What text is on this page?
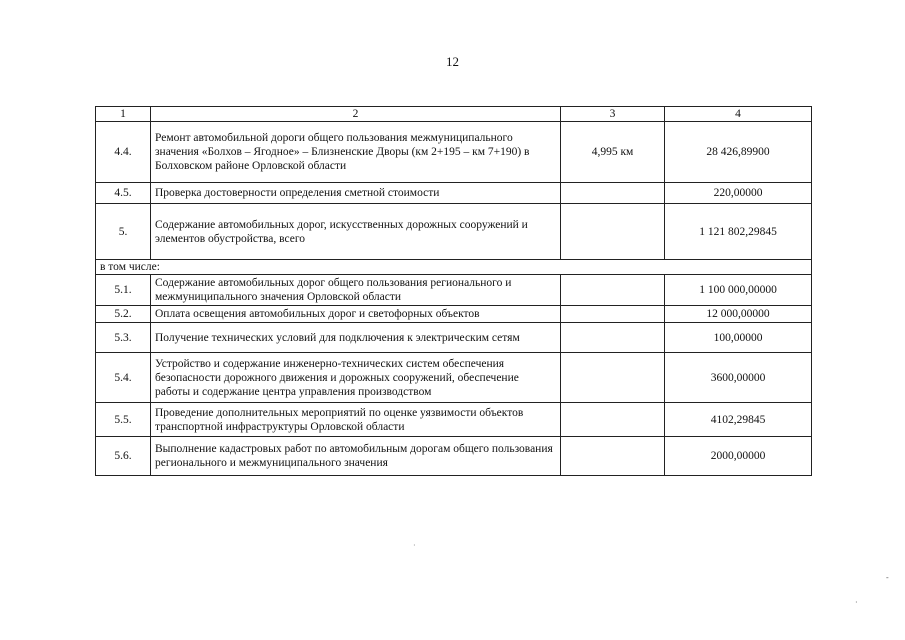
12
1	2	3	4
4.4.	Ремонт автомобильной дороги общего пользования межмуниципального значения «Болхов – Ягодное» – Близненские Дворы (км 2+195 – км 7+190) в Болховском районе Орловской области	4,995 км	28 426,89900
4.5.	Проверка достоверности определения сметной стоимости		220,00000
5.	Содержание автомобильных дорог, искусственных дорожных сооружений и элементов обустройства, всего		1 121 802,29845
в том числе:			
5.1.	Содержание автомобильных дорог общего пользования регионального и межмуниципального значения Орловской области		1 100 000,00000
5.2.	Оплата освещения автомобильных дорог и светофорных объектов		12 000,00000
5.3.	Получение технических условий для подключения к электрическим сетям		100,00000
5.4.	Устройство и содержание инженерно-технических систем обеспечения безопасности дорожного движения и дорожных сооружений, обеспечение работы и содержание центра управления производством		3600,00000
5.5.	Проведение дополнительных мероприятий по оценке уязвимости объектов транспортной инфраструктуры Орловской области		4102,29845
5.6.	Выполнение кадастровых работ по автомобильным дорогам общего пользования регионального и межмуниципального значения		2000,00000
·
-
·
